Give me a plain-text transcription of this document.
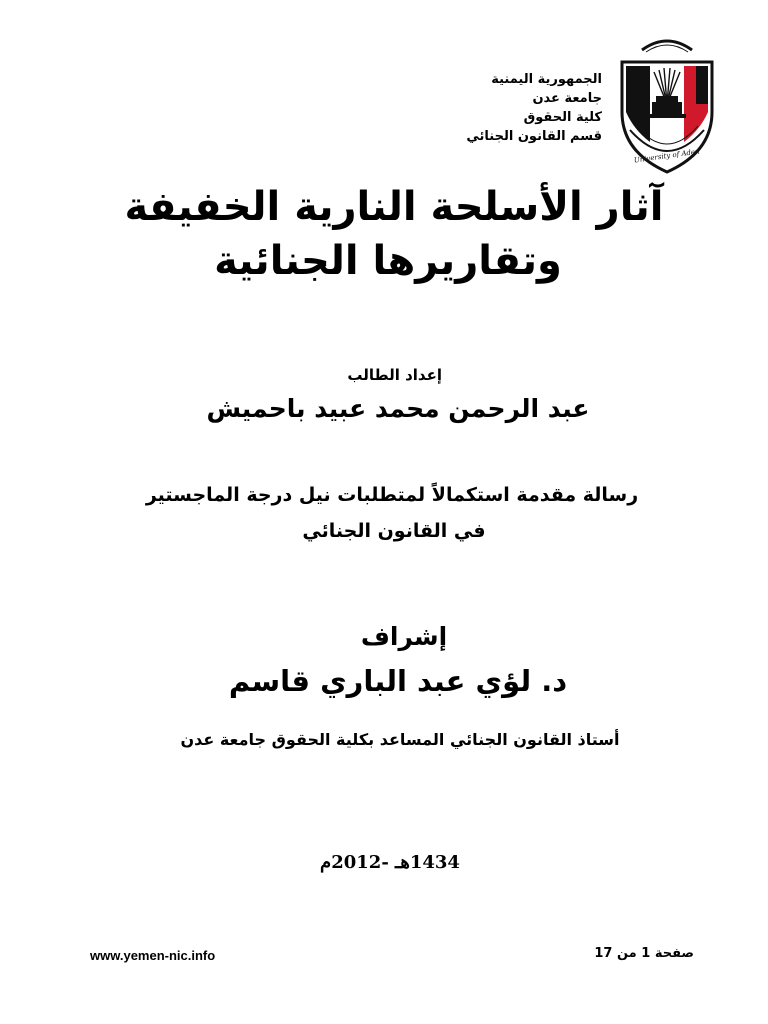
الجمهورية اليمنية
جامعة عدن
كلية الحقوق
قسم القانون الجنائي
University of Aden
آثار الأسلحة النارية الخفيفة
وتقاريرها الجنائية
إعداد الطالب
عبد الرحمن محمد عبيد باحميش
رسالة مقدمة استكمالاً لمتطلبات نيل درجة الماجستير
في القانون الجنائي
إشراف
د. لؤي عبد الباري قاسم
أستاذ القانون الجنائي المساعد بكلية الحقوق جامعة عدن
1434هـ -2012م
www.yemen-nic.info	صفحة 1 من 17
